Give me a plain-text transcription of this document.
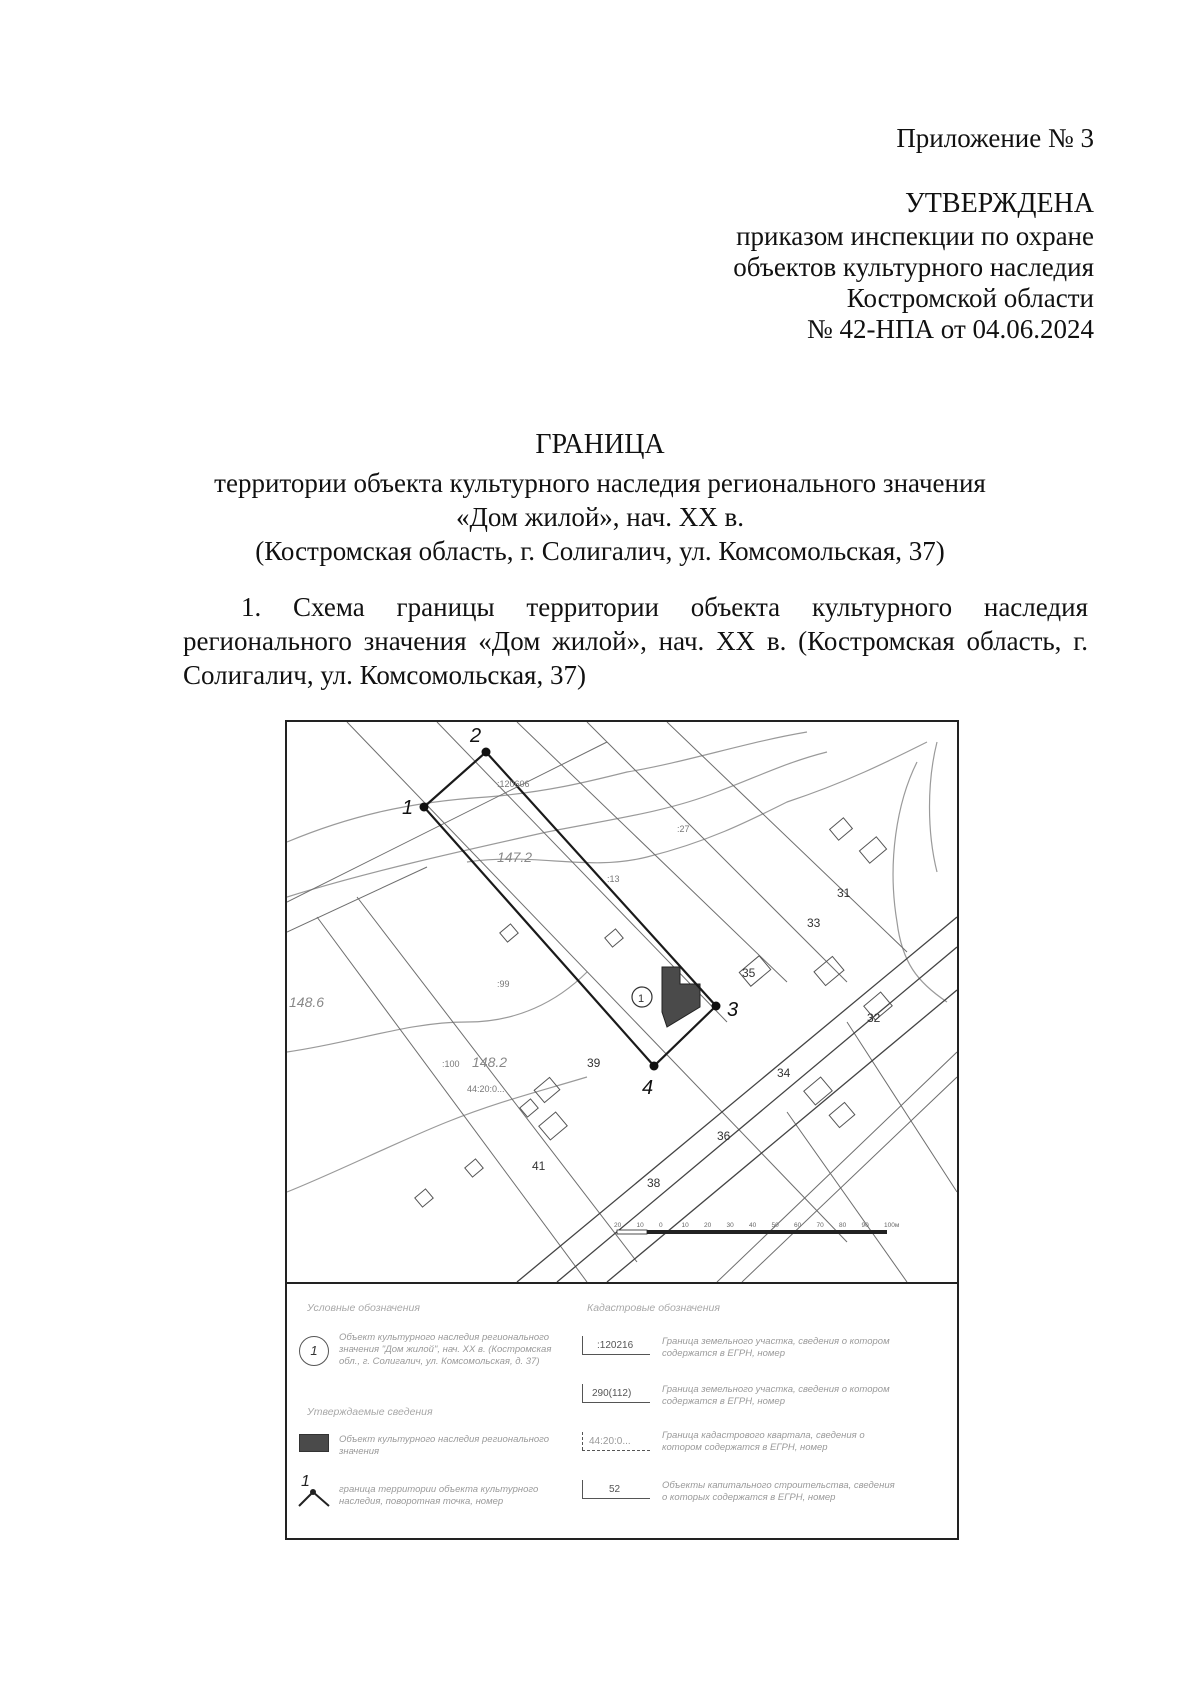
Приложение № 3
УТВЕРЖДЕНА
приказом инспекции по охране
объектов культурного наследия
Костромской области
№ 42-НПА от 04.06.2024
ГРАНИЦА
территории объекта культурного наследия регионального значения
«Дом жилой», нач. XX в.
(Костромская область, г. Солигалич, ул. Комсомольская, 37)
1. Схема границы территории объекта культурного наследия регионального значения «Дом жилой», нач. XX в. (Костромская область, г. Солигалич, ул. Комсомольская, 37)
1
2
3
4
1
31
33
35
32
34
36
39
41
38
:27
:13
:99
:100
:120606
44:20:0...
147.2
148.2
148.6
20 10 0	10 20 30 40 50 60 70 80 90 100м
Условные обозначения	Кадастровые обозначения
1
Объект культурного наследия регионального значения "Дом жилой", нач. XX в. (Костромская обл., г. Солигалич, ул. Комсомольская, д. 37)
Утверждаемые сведения
Объект культурного наследия регионального значения
1	граница территории объекта культурного наследия, поворотная точка, номер
:120216	Граница земельного участка, сведения о котором содержатся в ЕГРН, номер
290(112)	Граница земельного участка, сведения о котором содержатся в ЕГРН, номер
44:20:0...
Граница кадастрового квартала, сведения о котором содержатся в ЕГРН, номер
52	Объекты капитального строительства, сведения о которых содержатся в ЕГРН, номер
